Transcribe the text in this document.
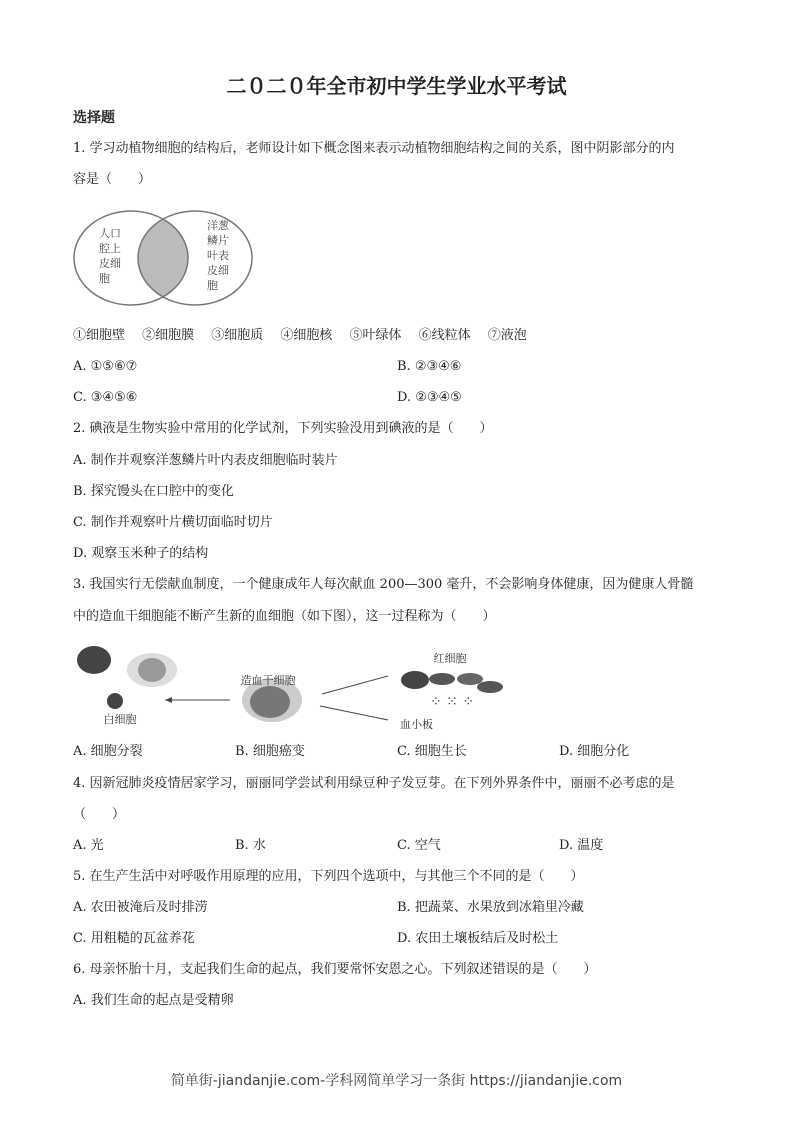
二０二０年全市初中学生学业水平考试
选择题
1. 学习动植物细胞的结构后，老师设计如下概念图来表示动植物细胞结构之间的关系，图中阴影部分的内
容是（　　）
人口腔上皮细胞
洋葱鳞片叶表皮细胞
①细胞壁　 ②细胞膜　 ③细胞质　 ④细胞核　 ⑤叶绿体　 ⑥线粒体　 ⑦液泡
A. ①⑤⑥⑦	B. ②③④⑥
C. ③④⑤⑥	D. ②③④⑤
2. 碘液是生物实验中常用的化学试剂，下列实验没用到碘液的是（　　）
A. 制作并观察洋葱鳞片叶内表皮细胞临时装片
B. 探究馒头在口腔中的变化
C. 制作并观察叶片横切面临时切片
D. 观察玉米种子的结构
3. 我国实行无偿献血制度，一个健康成年人每次献血 200—300 毫升，不会影响身体健康，因为健康人骨髓
中的造血干细胞能不断产生新的血细胞（如下图），这一过程称为（　　）
造血干细胞
红细胞
⁘ ⁙ ⁘
血小板
白细胞
A. 细胞分裂	B. 细胞癌变	C. 细胞生长	D. 细胞分化
4. 因新冠肺炎疫情居家学习，丽丽同学尝试利用绿豆种子发豆芽。在下列外界条件中，丽丽不必考虑的是
（　　）
A. 光	B. 水	C. 空气	D. 温度
5. 在生产生活中对呼吸作用原理的应用，下列四个选项中，与其他三个不同的是（　　）
A. 农田被淹后及时排涝	B. 把蔬菜、水果放到冰箱里冷藏
C. 用粗糙的瓦盆养花	D. 农田土壤板结后及时松土
6. 母亲怀胎十月，支起我们生命的起点，我们要常怀安恩之心。下列叙述错误的是（　　）
A. 我们生命的起点是受精卵
简单街-jiandanjie.com-学科网简单学习一条街 https://jiandanjie.com
